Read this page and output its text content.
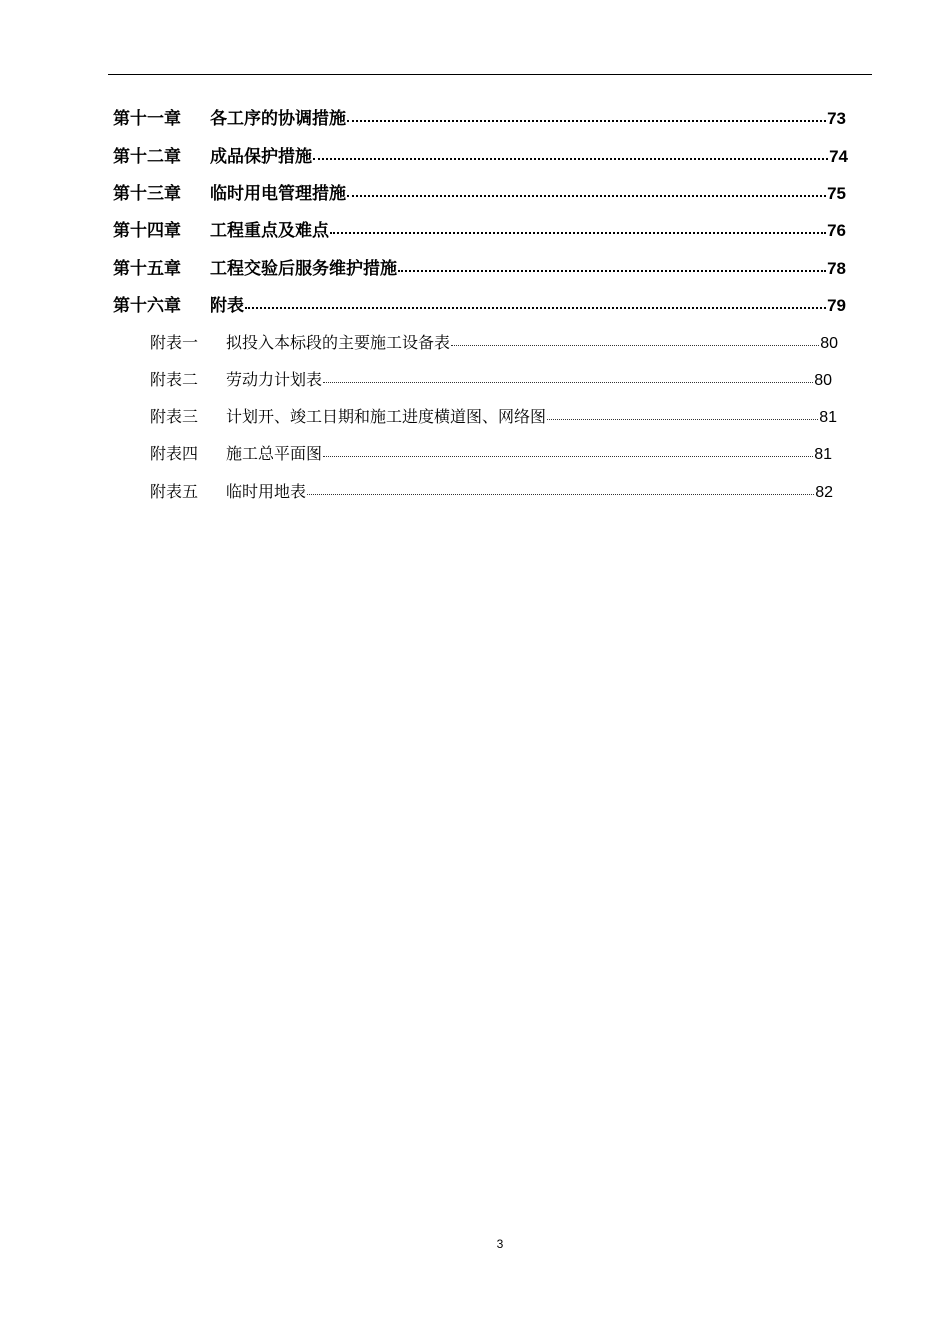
第十一章	各工序的协调措施	73
第十二章	成品保护措施	74
第十三章	临时用电管理措施	75
第十四章	工程重点及难点	76
第十五章	工程交验后服务维护措施	78
第十六章	附表	79
附表一	拟投入本标段的主要施工设备表	80
附表二	劳动力计划表	80
附表三	计划开、竣工日期和施工进度横道图、网络图	81
附表四	施工总平面图	81
附表五	临时用地表	82
3
